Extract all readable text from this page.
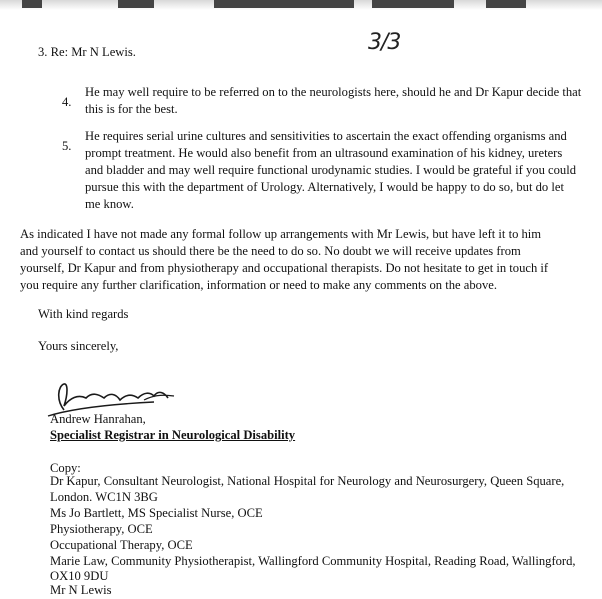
3/3
3. Re: Mr N Lewis.
4.
He may well require to be referred on to the neurologists here, should he and Dr Kapur decide that
this is for the best.
5.
He requires serial urine cultures and sensitivities to ascertain the exact offending organisms and
prompt treatment. He would also benefit from an ultrasound examination of his kidney, ureters
and bladder and may well require functional urodynamic studies. I would be grateful if you could
pursue this with the department of Urology. Alternatively, I would be happy to do so, but do let
me know.
As indicated I have not made any formal follow up arrangements with Mr Lewis, but have left it to him
and yourself to contact us should there be the need to do so. No doubt we will receive updates from
yourself, Dr Kapur and from physiotherapy and occupational therapists. Do not hesitate to get in touch if
you require any further clarification, information or need to make any comments on the above.
With kind regards
Yours sincerely,
Andrew Hanrahan,
Specialist Registrar in Neurological Disability
Copy:
Dr Kapur, Consultant Neurologist, National Hospital for Neurology and Neurosurgery, Queen Square,
London. WC1N 3BG
Ms Jo Bartlett, MS Specialist Nurse, OCE
Physiotherapy, OCE
Occupational Therapy, OCE
Marie Law, Community Physiotherapist, Wallingford Community Hospital, Reading Road, Wallingford,
OX10 9DU
Mr N Lewis
